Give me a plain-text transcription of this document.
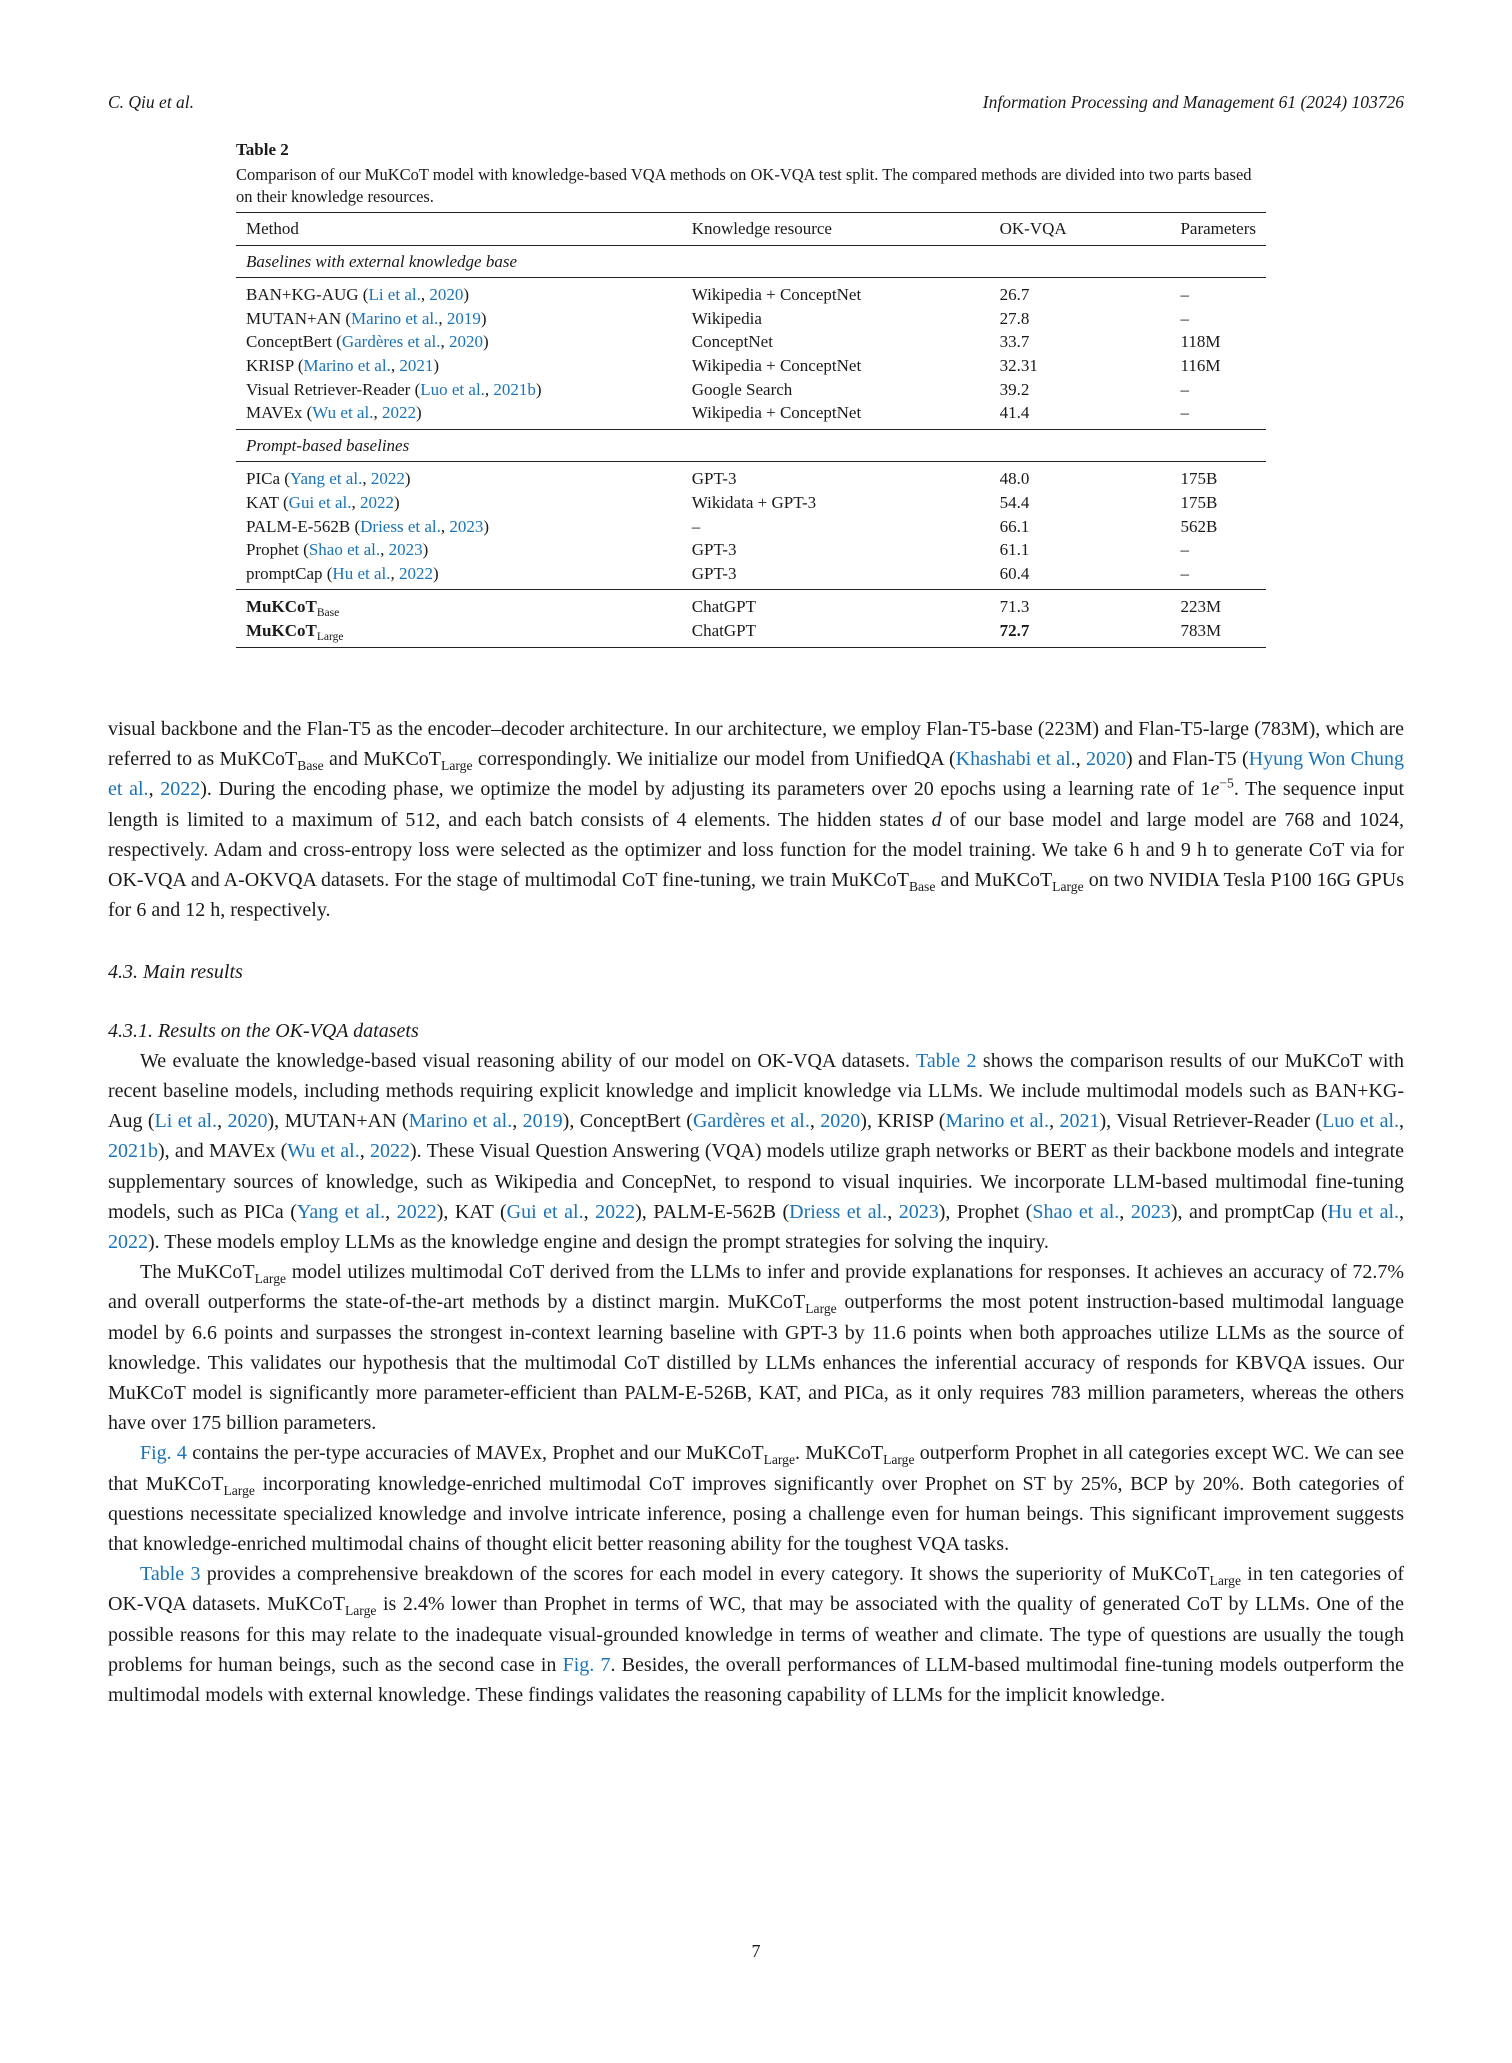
C. Qiu et al.	Information Processing and Management 61 (2024) 103726
Table 2
Comparison of our MuKCoT model with knowledge-based VQA methods on OK-VQA test split. The compared methods are divided into two parts based on their knowledge resources.
Method	Knowledge resource	OK-VQA	Parameters
Baselines with external knowledge base			
BAN+KG-AUG (Li et al., 2020)	Wikipedia + ConceptNet	26.7	–
MUTAN+AN (Marino et al., 2019)	Wikipedia	27.8	–
ConceptBert (Gardères et al., 2020)	ConceptNet	33.7	118M
KRISP (Marino et al., 2021)	Wikipedia + ConceptNet	32.31	116M
Visual Retriever-Reader (Luo et al., 2021b)	Google Search	39.2	–
MAVEx (Wu et al., 2022)	Wikipedia + ConceptNet	41.4	–
Prompt-based baselines			
PICa (Yang et al., 2022)	GPT-3	48.0	175B
KAT (Gui et al., 2022)	Wikidata + GPT-3	54.4	175B
PALM-E-562B (Driess et al., 2023)	–	66.1	562B
Prophet (Shao et al., 2023)	GPT-3	61.1	–
promptCap (Hu et al., 2022)	GPT-3	60.4	–
MuKCoT$_{Base}$	ChatGPT	71.3	223M
MuKCoT$_{Large}$	ChatGPT	72.7	783M

visual backbone and the Flan-T5 as the encoder–decoder architecture. In our architecture, we employ Flan-T5-base (223M) and Flan-T5-large (783M), which are referred to as MuKCoT$_{Base}$ and MuKCoT$_{Large}$ correspondingly. We initialize our model from UnifiedQA (Khashabi et al., 2020) and Flan-T5 (Hyung Won Chung et al., 2022). During the encoding phase, we optimize the model by adjusting its parameters over 20 epochs using a learning rate of $1e^{-5}$. The sequence input length is limited to a maximum of 512, and each batch consists of 4 elements. The hidden states d of our base model and large model are 768 and 1024, respectively. Adam and cross-entropy loss were selected as the optimizer and loss function for the model training. We take 6 h and 9 h to generate CoT via for OK-VQA and A-OKVQA datasets. For the stage of multimodal CoT fine-tuning, we train MuKCoT$_{Base}$ and MuKCoT$_{Large}$ on two NVIDIA Tesla P100 16G GPUs for 6 and 12 h, respectively.

4.3. Main results

4.3.1. Results on the OK-VQA datasets

We evaluate the knowledge-based visual reasoning ability of our model on OK-VQA datasets. Table 2 shows the comparison results of our MuKCoT with recent baseline models, including methods requiring explicit knowledge and implicit knowledge via LLMs. We include multimodal models such as BAN+KG-Aug (Li et al., 2020), MUTAN+AN (Marino et al., 2019), ConceptBert (Gardères et al., 2020), KRISP (Marino et al., 2021), Visual Retriever-Reader (Luo et al., 2021b), and MAVEx (Wu et al., 2022). These Visual Question Answering (VQA) models utilize graph networks or BERT as their backbone models and integrate supplementary sources of knowledge, such as Wikipedia and ConcepNet, to respond to visual inquiries. We incorporate LLM-based multimodal fine-tuning models, such as PICa (Yang et al., 2022), KAT (Gui et al., 2022), PALM-E-562B (Driess et al., 2023), Prophet (Shao et al., 2023), and promptCap (Hu et al., 2022). These models employ LLMs as the knowledge engine and design the prompt strategies for solving the inquiry.

The MuKCoT$_{Large}$ model utilizes multimodal CoT derived from the LLMs to infer and provide explanations for responses. It achieves an accuracy of 72.7% and overall outperforms the state-of-the-art methods by a distinct margin. MuKCoT$_{Large}$ outperforms the most potent instruction-based multimodal language model by 6.6 points and surpasses the strongest in-context learning baseline with GPT-3 by 11.6 points when both approaches utilize LLMs as the source of knowledge. This validates our hypothesis that the multimodal CoT distilled by LLMs enhances the inferential accuracy of responds for KBVQA issues. Our MuKCoT model is significantly more parameter-efficient than PALM-E-526B, KAT, and PICa, as it only requires 783 million parameters, whereas the others have over 175 billion parameters.

Fig. 4 contains the per-type accuracies of MAVEx, Prophet and our MuKCoT$_{Large}$. MuKCoT$_{Large}$ outperform Prophet in all categories except WC. We can see that MuKCoT$_{Large}$ incorporating knowledge-enriched multimodal CoT improves significantly over Prophet on ST by 25%, BCP by 20%. Both categories of questions necessitate specialized knowledge and involve intricate inference, posing a challenge even for human beings. This significant improvement suggests that knowledge-enriched multimodal chains of thought elicit better reasoning ability for the toughest VQA tasks.

Table 3 provides a comprehensive breakdown of the scores for each model in every category. It shows the superiority of MuKCoT$_{Large}$ in ten categories of OK-VQA datasets. MuKCoT$_{Large}$ is 2.4% lower than Prophet in terms of WC, that may be associated with the quality of generated CoT by LLMs. One of the possible reasons for this may relate to the inadequate visual-grounded knowledge in terms of weather and climate. The type of questions are usually the tough problems for human beings, such as the second case in Fig. 7. Besides, the overall performances of LLM-based multimodal fine-tuning models outperform the multimodal models with external knowledge. These findings validates the reasoning capability of LLMs for the implicit knowledge.

7
